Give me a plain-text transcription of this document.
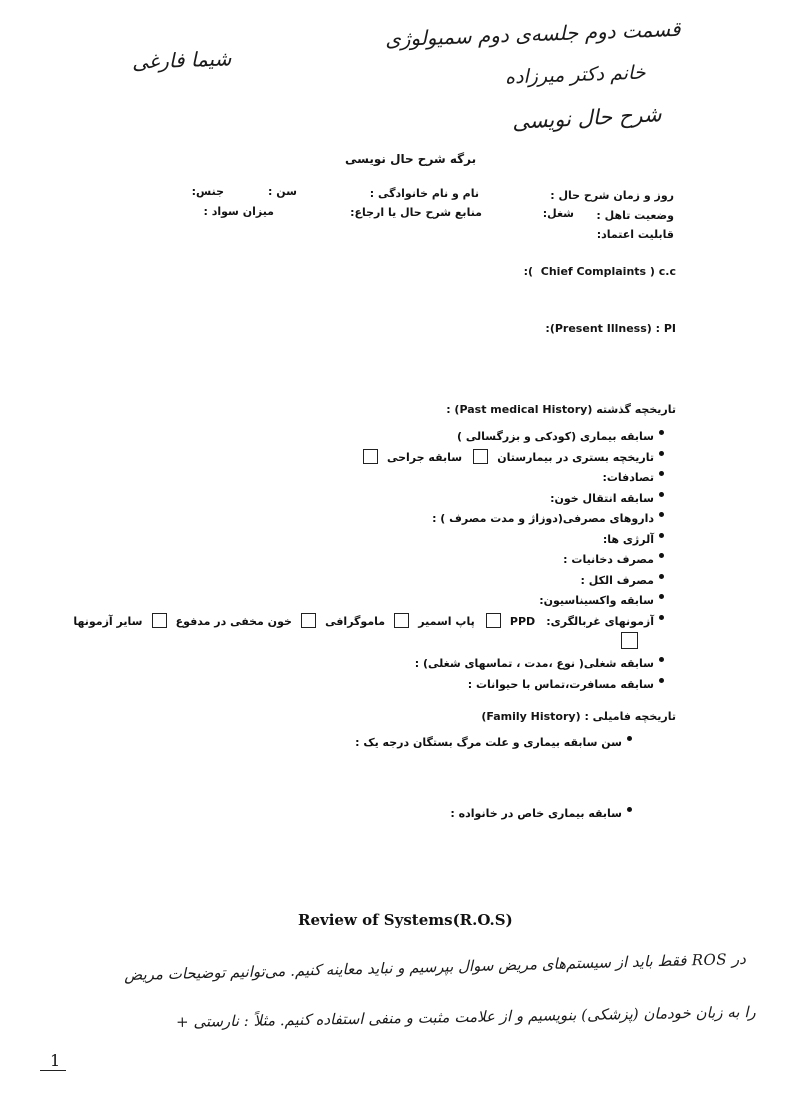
قسمت دوم جلسه‌ی دوم سمیولوژی
شیما فارغی
خانم دکتر میرزاده
شرح حال نویسی
برگه شرح حال نویسی
روز و زمان شرح حال :
نام و نام خانوادگی :
سن :
جنس:
وضعیت تاهل :
شغل:
منابع شرح حال یا ارجاع:
میزان سواد :
قابلیت اعتماد:
:( Chief Complaints ) c.c
:(Present Illness) : PI
تاریخچه گذشته (Past medical History) :
سابقه بیماری (کودکی و بزرگسالی )
تاریخچه بستری در بیمارستان  سابقه جراحی
تصادفات:
سابقه انتقال خون:
داروهای مصرفی(دوزاژ و مدت مصرف ) :
آلرژی ها:
مصرف دخانیات :
مصرف الکل :
سابقه واکسیناسیون:
آزمونهای غربالگری: PPD  پاپ اسمیر  ماموگرافی  خون مخفی در مدفوع  سایر آزمونها
سابقه شغلی( نوع ،مدت ، تماسهای شغلی) :
سابقه مسافرت،تماس با حیوانات :
تاریخچه فامیلی : (Family History)
سن سابقه بیماری و علت مرگ بستگان درجه یک :
سابقه بیماری خاص در خانواده :
Review of Systems(R.O.S)
در ROS فقط باید از سیستم‌های مریض سوال بپرسیم و نباید معاینه کنیم. می‌توانیم توضیحات مریض
را به زبان خودمان (پزشکی) بنویسیم و از علامت مثبت و منفی استفاده کنیم. مثلاً : نارستی +
1
